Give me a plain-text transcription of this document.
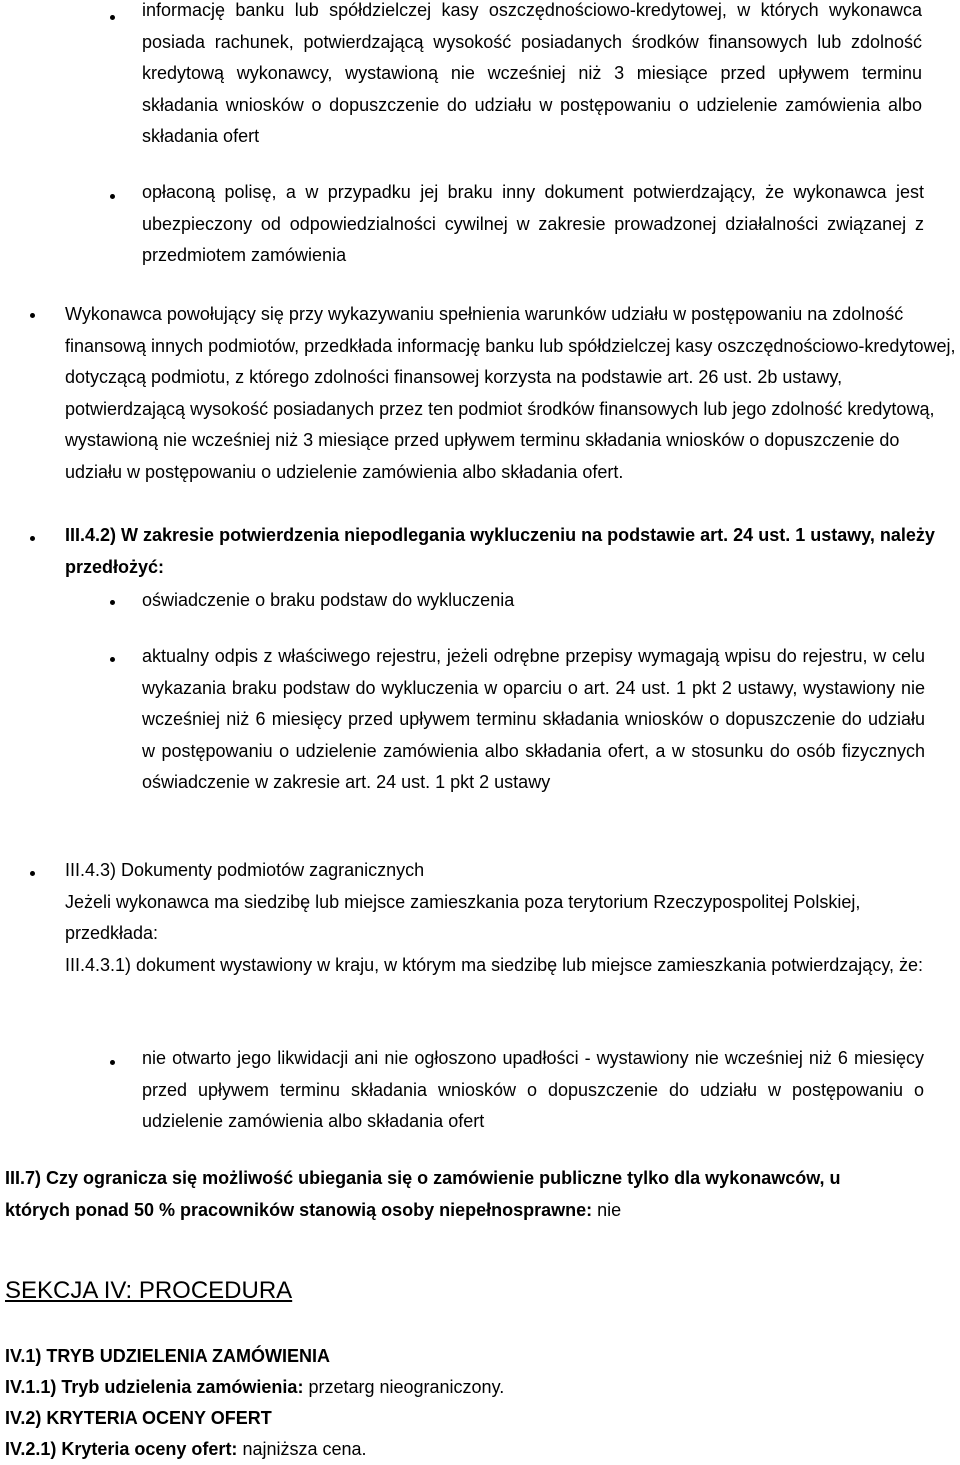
informację banku lub spółdzielczej kasy oszczędnościowo-kredytowej, w których wykonawca posiada rachunek, potwierdzającą wysokość posiadanych środków finansowych lub zdolność kredytową wykonawcy, wystawioną nie wcześniej niż 3 miesiące przed upływem terminu składania wniosków o dopuszczenie do udziału w postępowaniu o udzielenie zamówienia albo składania ofert

opłaconą polisę, a w przypadku jej braku inny dokument potwierdzający, że wykonawca jest ubezpieczony od odpowiedzialności cywilnej w zakresie prowadzonej działalności związanej z przedmiotem zamówienia

Wykonawca powołujący się przy wykazywaniu spełnienia warunków udziału w postępowaniu na zdolność finansową innych podmiotów, przedkłada informację banku lub spółdzielczej kasy oszczędnościowo-kredytowej, dotyczącą podmiotu, z którego zdolności finansowej korzysta na podstawie art. 26 ust. 2b ustawy, potwierdzającą wysokość posiadanych przez ten podmiot środków finansowych lub jego zdolność kredytową, wystawioną nie wcześniej niż 3 miesiące przed upływem terminu składania wniosków o dopuszczenie do udziału w postępowaniu o udzielenie zamówienia albo składania ofert.

III.4.2) W zakresie potwierdzenia niepodlegania wykluczeniu na podstawie art. 24 ust. 1 ustawy, należy przedłożyć:

oświadczenie o braku podstaw do wykluczenia

aktualny odpis z właściwego rejestru, jeżeli odrębne przepisy wymagają wpisu do rejestru, w celu wykazania braku podstaw do wykluczenia w oparciu o art. 24 ust. 1 pkt 2 ustawy, wystawiony nie wcześniej niż 6 miesięcy przed upływem terminu składania wniosków o dopuszczenie do udziału w postępowaniu o udzielenie zamówienia albo składania ofert, a w stosunku do osób fizycznych oświadczenie w zakresie art. 24 ust. 1 pkt 2 ustawy

III.4.3) Dokumenty podmiotów zagranicznych

Jeżeli wykonawca ma siedzibę lub miejsce zamieszkania poza terytorium Rzeczypospolitej Polskiej, przedkłada:

III.4.3.1) dokument wystawiony w kraju, w którym ma siedzibę lub miejsce zamieszkania potwierdzający, że:

nie otwarto jego likwidacji ani nie ogłoszono upadłości - wystawiony nie wcześniej niż 6 miesięcy przed upływem terminu składania wniosków o dopuszczenie do udziału w postępowaniu o udzielenie zamówienia albo składania ofert

III.7) Czy ogranicza się możliwość ubiegania się o zamówienie publiczne tylko dla wykonawców, u których ponad 50 % pracowników stanowią osoby niepełnosprawne: nie

SEKCJA IV: PROCEDURA

IV.1) TRYB UDZIELENIA ZAMÓWIENIA

IV.1.1) Tryb udzielenia zamówienia: przetarg nieograniczony.

IV.2) KRYTERIA OCENY OFERT

IV.2.1) Kryteria oceny ofert: najniższa cena.
